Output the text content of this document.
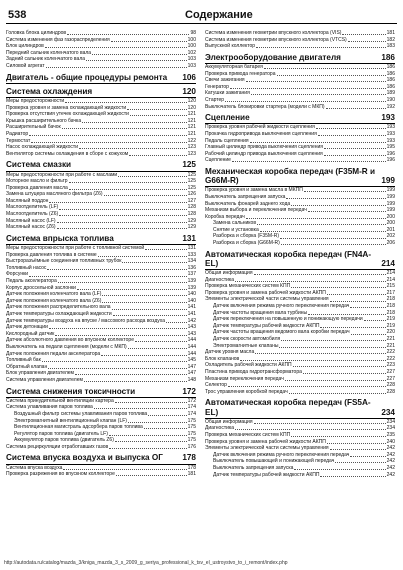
538	Содержание
Головка блока цилиндров	98
Система изменения фаз газораспределения	100
Блок цилиндров	100
Передний сальник коленчатого вала	102
Задний сальник коленчатого вала	103
Силовой агрегат	103
Двигатель - общие процедуры ремонта	106
Система охлаждения	120
Меры предосторожности	120
Проверка уровня и замена охлаждающей жидкости	120
Проверка отсутствия утечек охлаждающей жидкости	121
Крышка расширительного бачка	121
Расширительный бачок	121
Радиатор	121
Термостат	122
Насос охлаждающей жидкости	123
Вентилятор системы охлаждения в сборе с кожухом	123
Система смазки	125
Меры предосторожности при работе с маслами	125
Моторное масло и фильтр	125
Проверка давления масла	125
Замена штуцера масляного фильтра (Z6)	126
Масляный поддон	127
Маслоотделитель (LF)	128
Маслоотделитель (Z6)	128
Масляный насос (LF)	129
Масляный насос (Z6)	129
Система впрыска топлива	131
Меры предосторожности при работе с топливной системой	131
Проверка давления топлива в системе	133
Быстроразъёмные соединения топливных трубок	134
Топливный насос	136
Форсунки	137
Педаль акселератора	139
Корпус дроссельной заслонки	139
Датчик положения коленчатого вала (LF)	140
Датчик положения коленчатого вала (Z6)	140
Датчик положения распределительного вала	141
Датчик температуры охлаждающей жидкости	141
Датчик температуры воздуха на впуске / массового расхода воздуха	142
Датчик детонации	143
Кислородный датчик	143
Датчик абсолютного давления во впускном коллекторе	144
Выключатель на педали сцепления (модели с МКП)	144
Датчик положения педали акселератора	144
Топливный бак	145
Обратный клапан	147
Блок управления двигателем	147
Система управления двигателем	148
Система снижения токсичности	172
Система принудительной вентиляции картера	172
Система улавливания паров топлива	174
Воздушный фильтр системы улавливания паров топлива	174
Электромагнитный вентиляционный клапан (LF)	175
Вентиляционная магистраль адсорбера паров топлива	175
Регулятор паров топлива (двигатель LF)	175
Аккумулятор паров топлива (двигатель Z6)	175
Система рециркуляции отработавших газов	176
Система впуска воздуха и выпуска ОГ	178
Система впуска воздуха	178
Проверка разрежения во впускном коллекторе	181
Система изменения геометрии впускного коллектора (VIS)	181
Система изменения геометрии впускного коллектора (VTCS)	182
Выпускной коллектор	183
Электрооборудование двигателя	186
Аккумуляторная батарея	186
Проверка привода генератора	186
Свечи зажигания	186
Генератор	186
Катушки зажигания	189
Стартер	190
Выключатель блокировки стартера (модели с МКП)	192
Сцепление	193
Проверка уровня рабочей жидкости сцепления	193
Прокачка гидропривода выключения сцепления	193
Педаль сцепления	193
Главный цилиндр привода выключения сцепления	195
Рабочий цилиндр привода выключения сцепления	196
Сцепление	196
Механическая коробка передач (F35M-R и G66M-R)	199
Проверка уровня и замена масла в МКПП	199
Выключатель запрещения запуска	199
Выключатель фонарей заднего хода	199
Механизм выбора и переключения передач	199
Коробка передач	200
Замена сальников	200
Снятие и установка	201
Разборка и сборка (F35M-R)	202
Разборка и сборка (G66M-R)	206
Автоматическая коробка передач (FN4A-EL)	214
Общая информация	214
Диагностика	214
Проверка механических систем КПП	215
Проверка уровня и замена рабочей жидкости АКПП	217
Элементы электрической части системы управления	218
Датчик включения режима ручного переключения передач	218
Датчик частоты вращения вала турбины	218
Датчик переключения на повышенную и понижающую передачи	219
Датчик температуры рабочей жидкости АКПП	219
Датчик частоты вращения ведомого вала коробки передач	220
Датчик скорости автомобиля	221
Электромагнитные клапаны	221
Датчик уровня масла	222
Блок клапанов	222
Охладитель рабочей жидкости АКПП	223
Пластина привода гидротрансформатора	227
Механизм переключения передач	227
Селектор	228
Трос управления коробкой передач	228
Автоматическая коробка передач (FS5A-EL)	234
Общая информация	234
Диагностика	234
Проверка механических систем КПП	235
Проверка уровня и замена рабочей жидкости АКПП	240
Элементы электрической части системы управления	242
Датчик включения режима ручного переключения передач	242
Выключатель повышающей и понижающей передач	242
Выключатель запрещения запуска	242
Датчик температуры рабочей жидкости АКПП	242
http://autodata.ru/catalog/mazda_3/kniga_mazda_3_s_2009_g_seriya_professional_k_tsv_el_ustroystvo_to_i_remont/index.php
